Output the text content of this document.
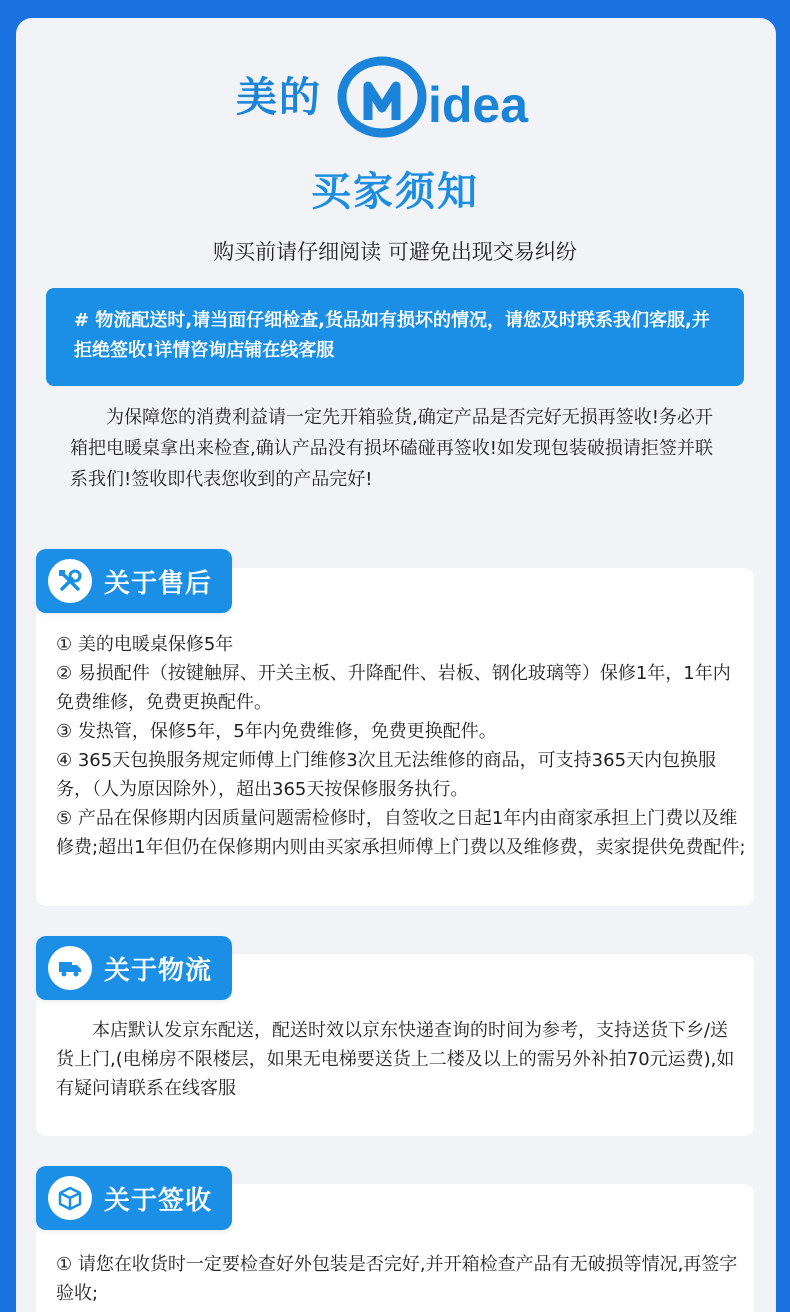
美的 idea
买家须知
购买前请仔细阅读 可避免出现交易纠纷
# 物流配送时,请当面仔细检查,货品如有损坏的情况，请您及时联系我们客服,并拒绝签收!详情咨询店铺在线客服
为保障您的消费利益请一定先开箱验货,确定产品是否完好无损再签收!务必开箱把电暖桌拿出来检查,确认产品没有损坏磕碰再签收!如发现包装破损请拒签并联系我们!签收即代表您收到的产品完好!

① 美的电暖桌保修5年

② 易损配件（按键触屏、开关主板、升降配件、岩板、钢化玻璃等）保修1年，1年内免费维修，免费更换配件。

③ 发热管，保修5年，5年内免费维修，免费更换配件。

④ 365天包换服务规定师傅上门维修3次且无法维修的商品，可支持365天内包换服务，（人为原因除外），超出365天按保修服务执行。

⑤ 产品在保修期内因质量问题需检修时，自签收之日起1年内由商家承担上门费以及维修费;超出1年但仍在保修期内则由买家承担师傅上门费以及维修费，卖家提供免费配件;

关于售后
本店默认发京东配送，配送时效以京东快递查询的时间为参考，支持送货下乡/送货上门,(电梯房不限楼层，如果无电梯要送货上二楼及以上的需另外补拍70元运费),如有疑问请联系在线客服
关于物流

① 请您在收货时一定要检查好外包装是否完好,并开箱检查产品有无破损等情况,再签字验收;

关于签收
